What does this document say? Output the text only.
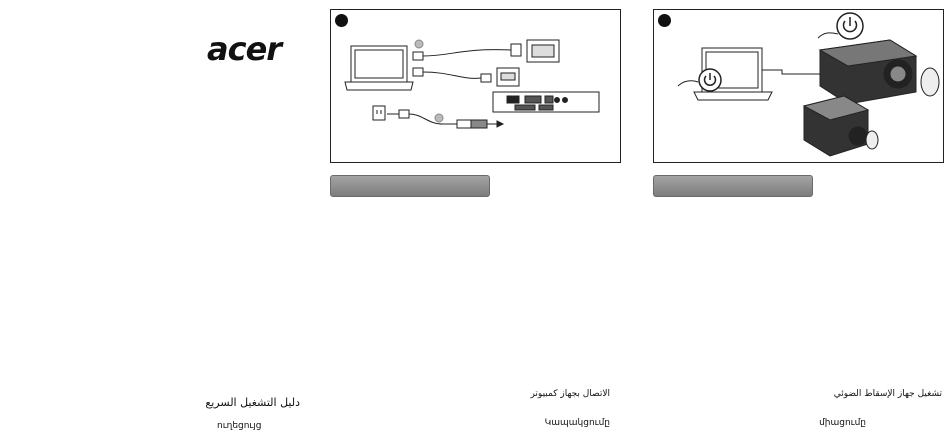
acer
دليل التشغيل السريع
ուղեցույց
الاتصال بجهاز كمبيوتر
Կապակցումը
تشغيل جهاز الإسقاط الضوئي
միացումը
